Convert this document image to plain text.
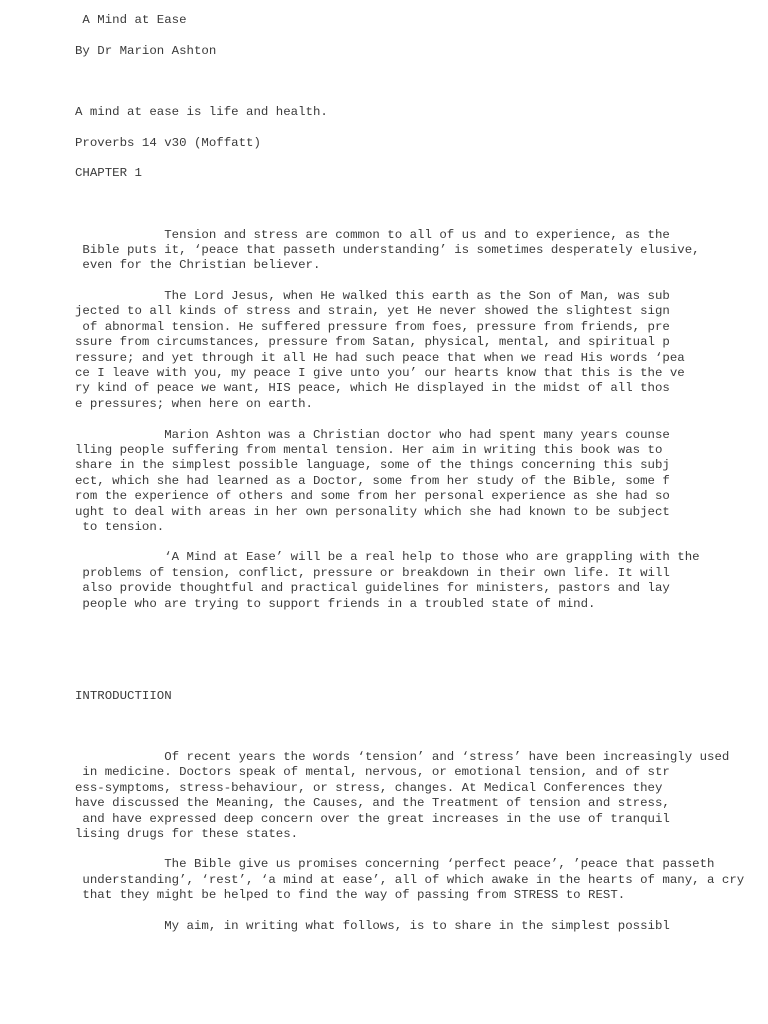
A Mind at Ease
By Dr Marion Ashton
A mind at ease is life and health.
Proverbs 14 v30 (Moffatt)
CHAPTER 1
Tension and stress are common to all of us and to experience, as the
Bible puts it, ‘peace that passeth understanding’ is sometimes desperately elusive,
even for the Christian believer.
The Lord Jesus, when He walked this earth as the Son of Man, was sub
jected to all kinds of stress and strain, yet He never showed the slightest sign
of abnormal tension. He suffered pressure from foes, pressure from friends, pre
ssure from circumstances, pressure from Satan, physical, mental, and spiritual p
ressure; and yet through it all He had such peace that when we read His words ‘pea
ce I leave with you, my peace I give unto you’ our hearts know that this is the ve
ry kind of peace we want, HIS peace, which He displayed in the midst of all thos
e pressures; when here on earth.
Marion Ashton was a Christian doctor who had spent many years counse
lling people suffering from mental tension. Her aim in writing this book was to
share in the simplest possible language, some of the things concerning this subj
ect, which she had learned as a Doctor, some from her study of the Bible, some f
rom the experience of others and some from her personal experience as she had so
ught to deal with areas in her own personality which she had known to be subject
to tension.
‘A Mind at Ease’ will be a real help to those who are grappling with the
problems of tension, conflict, pressure or breakdown in their own life. It will
also provide thoughtful and practical guidelines for ministers, pastors and lay
people who are trying to support friends in a troubled state of mind.
INTRODUCTIION
Of recent years the words ‘tension’ and ‘stress’ have been increasingly used
in medicine. Doctors speak of mental, nervous, or emotional tension, and of str
ess-symptoms, stress-behaviour, or stress, changes. At Medical Conferences they
have discussed the Meaning, the Causes, and the Treatment of tension and stress,
and have expressed deep concern over the great increases in the use of tranquil
lising drugs for these states.
The Bible give us promises concerning ‘perfect peace’, ’peace that passeth
understanding’, ‘rest’, ‘a mind at ease’, all of which awake in the hearts of many, a cry
that they might be helped to find the way of passing from STRESS to REST.
My aim, in writing what follows, is to share in the simplest possibl
